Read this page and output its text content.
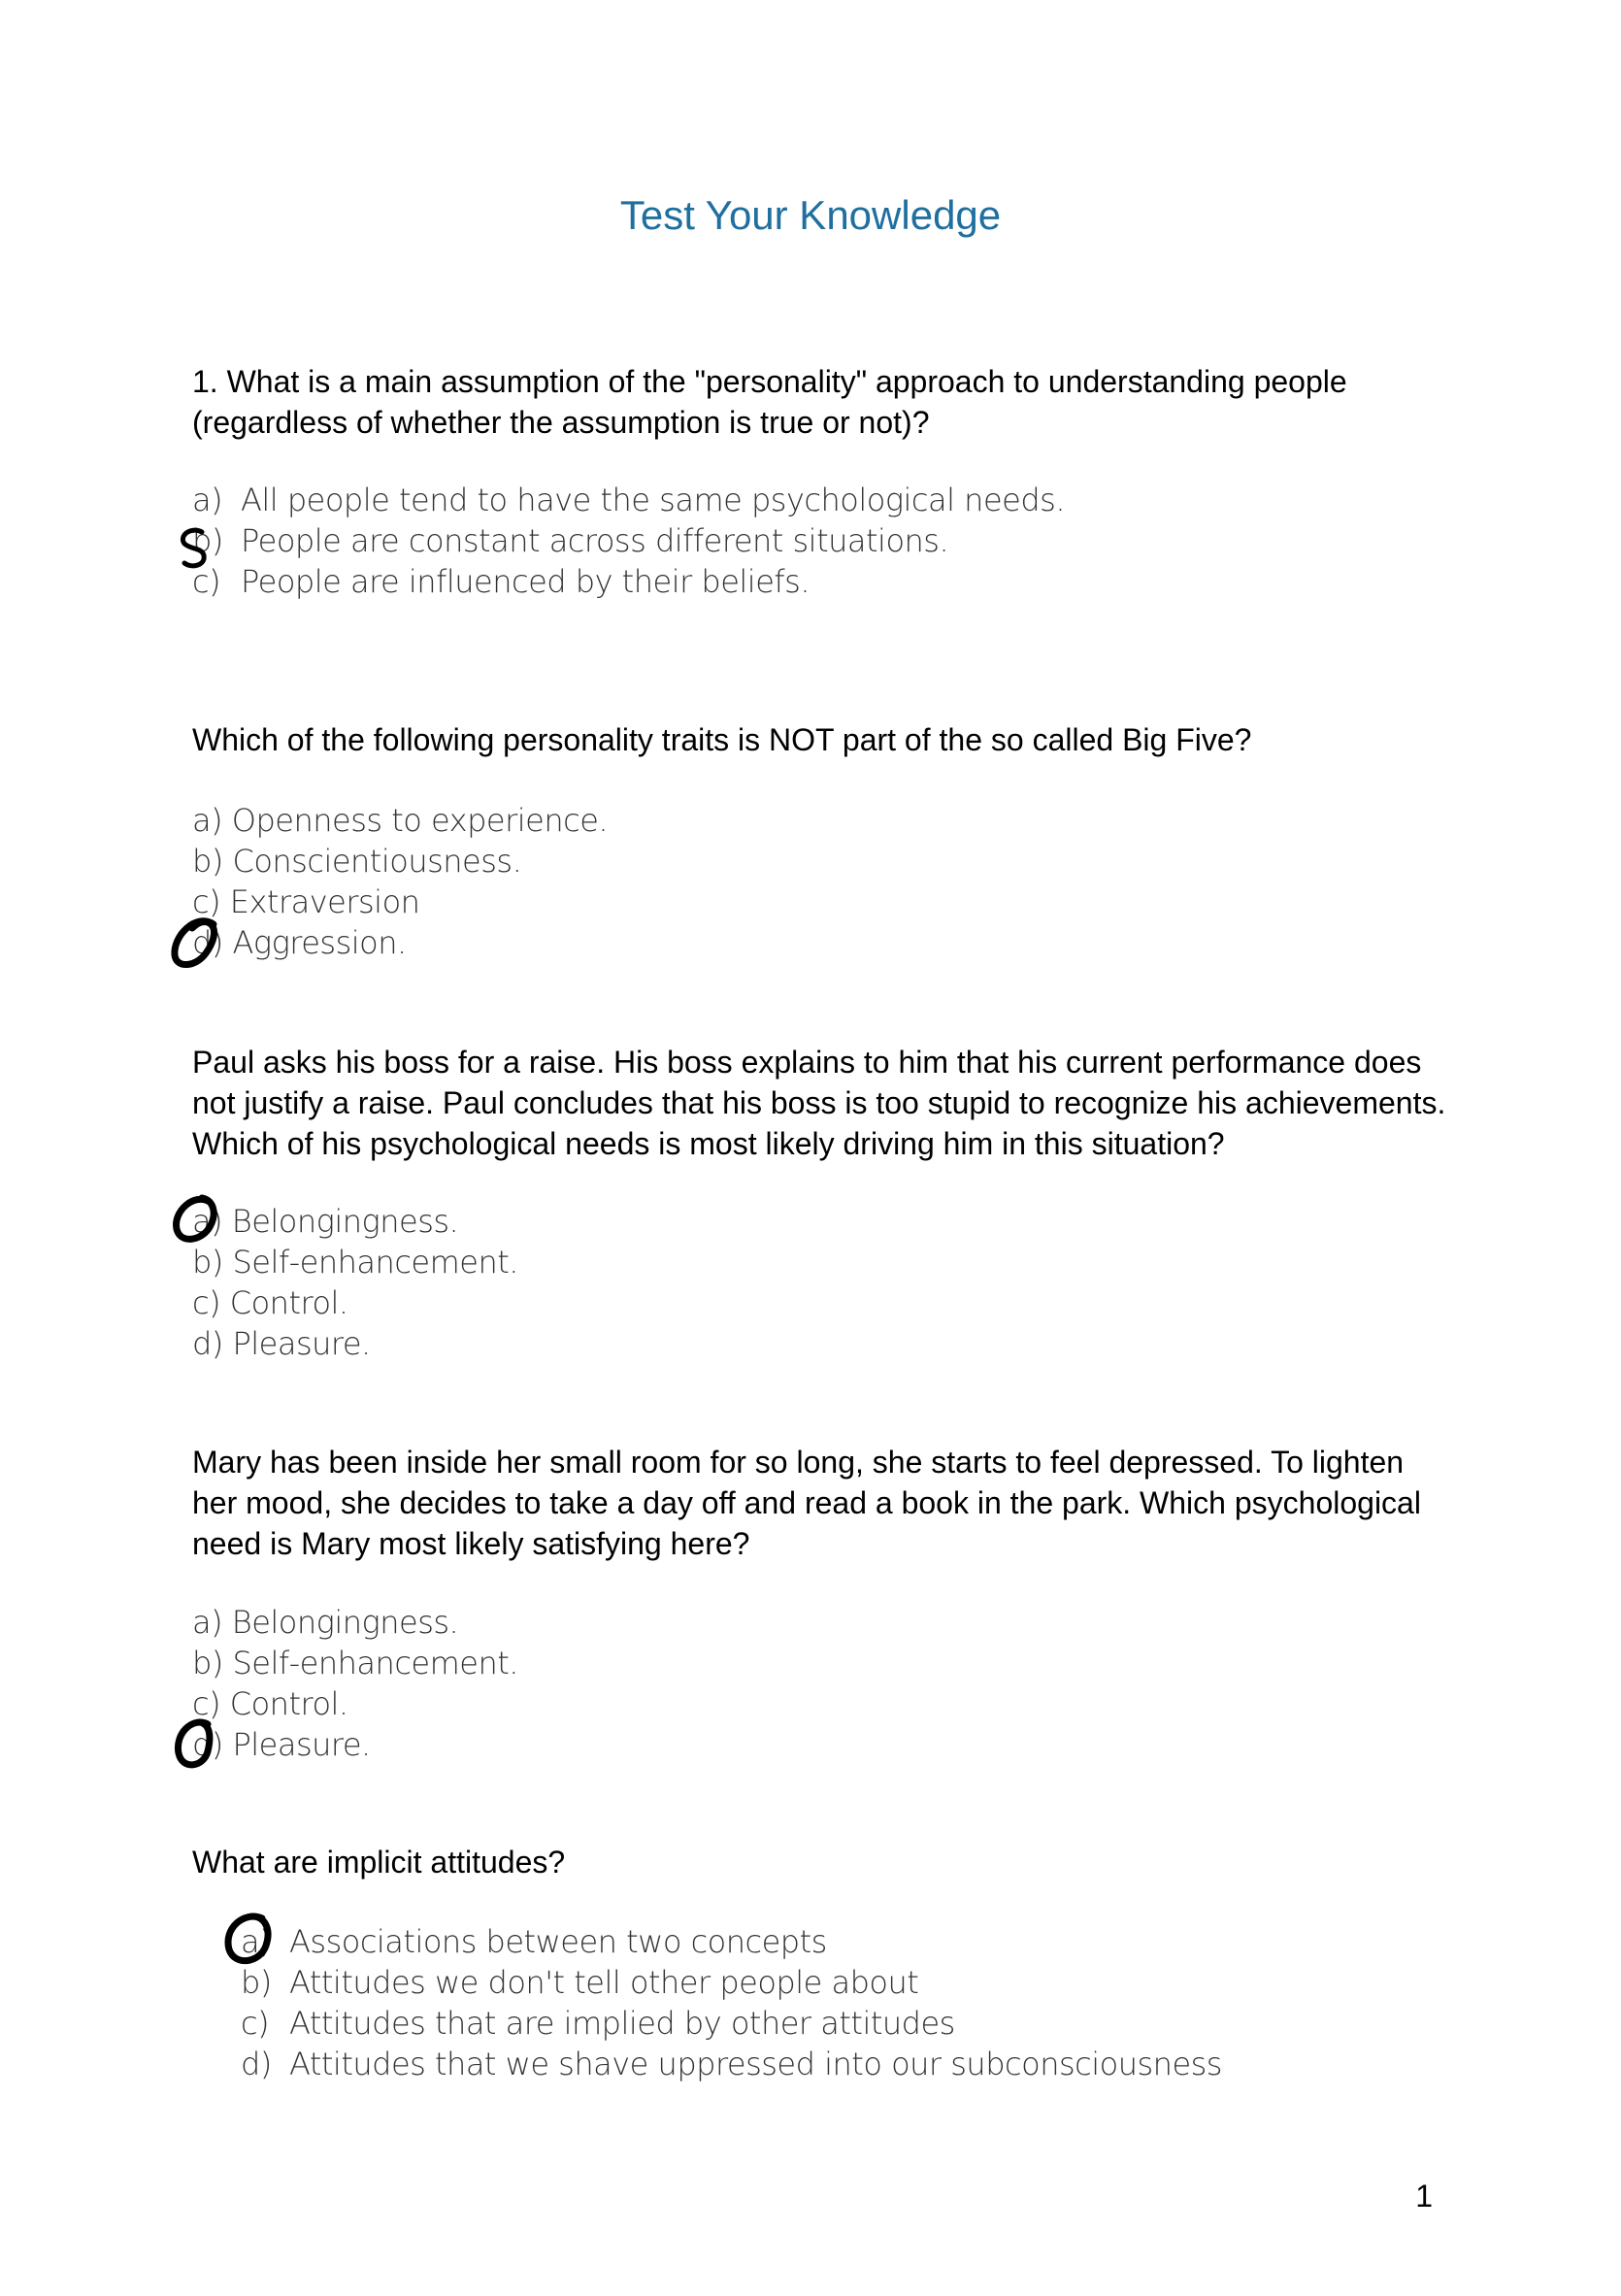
Test Your Knowledge
1. What is a main assumption of the "personality" approach to understanding people (regardless of whether the assumption is true or not)?
a) All people tend to have the same psychological needs.
b) People are constant across different situations.
c) People are influenced by their beliefs.
Which of the following personality traits is NOT part of the so called Big Five?
a) Openness to experience.
b) Conscientiousness.
c) Extraversion
d) Aggression.
Paul asks his boss for a raise. His boss explains to him that his current performance does not justify a raise. Paul concludes that his boss is too stupid to recognize his achievements. Which of his psychological needs is most likely driving him in this situation?
a) Belongingness.
b) Self-enhancement.
c) Control.
d) Pleasure.
Mary has been inside her small room for so long, she starts to feel depressed. To lighten her mood, she decides to take a day off and read a book in the park. Which psychological need is Mary most likely satisfying here?
a) Belongingness.
b) Self-enhancement.
c) Control.
d) Pleasure.
What are implicit attitudes?
a) Associations between two concepts
b) Attitudes we don't tell other people about
c) Attitudes that are implied by other attitudes
d) Attitudes that we shave uppressed into our subconsciousness
1
